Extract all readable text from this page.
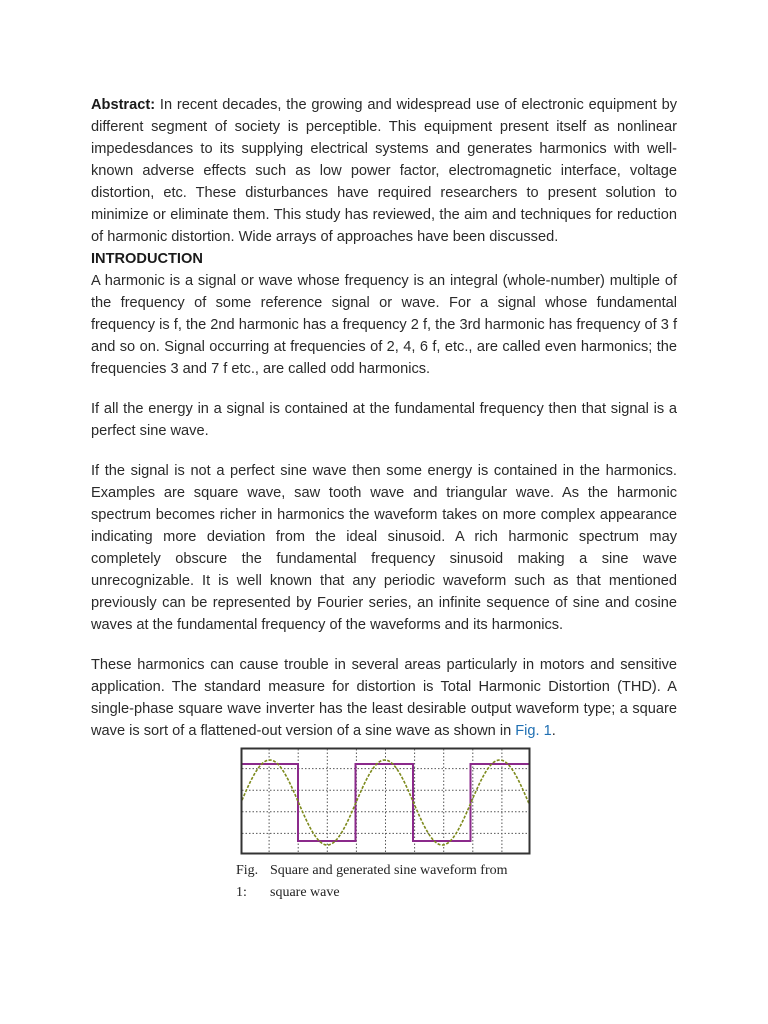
Abstract: In recent decades, the growing and widespread use of electronic equipment by different segment of society is perceptible. This equipment present itself as nonlinear impedesdances to its supplying electrical systems and generates harmonics with well-known adverse effects such as low power factor, electromagnetic interface, voltage distortion, etc. These disturbances have required researchers to present solution to minimize or eliminate them. This study has reviewed, the aim and techniques for reduction of harmonic distortion. Wide arrays of approaches have been discussed.

INTRODUCTION

A harmonic is a signal or wave whose frequency is an integral (whole-number) multiple of the frequency of some reference signal or wave. For a signal whose fundamental frequency is f, the 2nd harmonic has a frequency 2 f, the 3rd harmonic has frequency of 3 f and so on. Signal occurring at frequencies of 2, 4, 6 f, etc., are called even harmonics; the frequencies 3 and 7 f etc., are called odd harmonics.

If all the energy in a signal is contained at the fundamental frequency then that signal is a perfect sine wave.

If the signal is not a perfect sine wave then some energy is contained in the harmonics. Examples are square wave, saw tooth wave and triangular wave. As the harmonic spectrum becomes richer in harmonics the waveform takes on more complex appearance indicating more deviation from the ideal sinusoid. A rich harmonic spectrum may completely obscure the fundamental frequency sinusoid making a sine wave unrecognizable. It is well known that any periodic waveform such as that mentioned previously can be represented by Fourier series, an infinite sequence of sine and cosine waves at the fundamental frequency of the waveforms and its harmonics.

These harmonics can cause trouble in several areas particularly in motors and sensitive application. The standard measure for distortion is Total Harmonic Distortion (THD). A single-phase square wave inverter has the least desirable output waveform type; a square wave is sort of a flattened-out version of a sine wave as shown in Fig. 1.

Fig. 1:
Square and generated sine waveform from square wave
